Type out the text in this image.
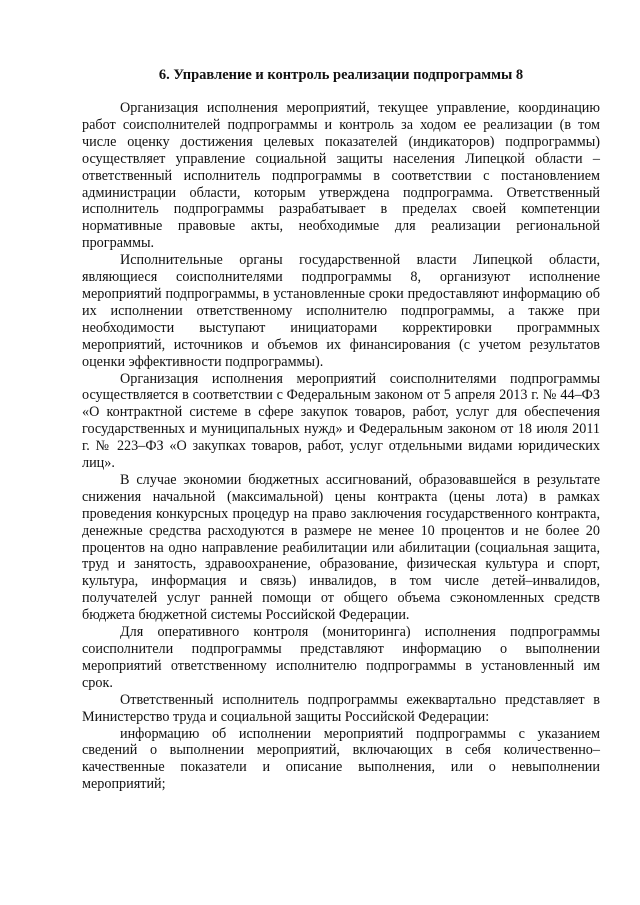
6. Управление и контроль реализации подпрограммы 8

Организация исполнения мероприятий, текущее управление, координацию работ соисполнителей подпрограммы и контроль за ходом ее реализации (в том числе оценку достижения целевых показателей (индикаторов) подпрограммы) осуществляет управление социальной защиты населения Липецкой области – ответственный исполнитель подпрограммы в соответствии с постановлением администрации области, которым утверждена подпрограмма. Ответственный исполнитель подпрограммы разрабатывает в пределах своей компетенции нормативные правовые акты, необходимые для реализации региональной программы.

Исполнительные органы государственной власти Липецкой области, являющиеся соисполнителями подпрограммы 8, организуют исполнение мероприятий подпрограммы, в установленные сроки предоставляют информацию об их исполнении ответственному исполнителю подпрограммы, а также при необходимости выступают инициаторами корректировки программных мероприятий, источников и объемов их финансирования (с учетом результатов оценки эффективности подпрограммы).

Организация исполнения мероприятий соисполнителями подпрограммы осуществляется в соответствии с Федеральным законом от 5 апреля 2013 г. № 44–ФЗ «О контрактной системе в сфере закупок товаров, работ, услуг для обеспечения государственных и муниципальных нужд» и Федеральным законом от 18 июля 2011 г. № 223–ФЗ «О закупках товаров, работ, услуг отдельными видами юридических лиц».

В случае экономии бюджетных ассигнований, образовавшейся в результате снижения начальной (максимальной) цены контракта (цены лота) в рамках проведения конкурсных процедур на право заключения государственного контракта, денежные средства расходуются в размере не менее 10 процентов и не более 20 процентов на одно направление реабилитации или абилитации (социальная защита, труд и занятость, здравоохранение, образование, физическая культура и спорт, культура, информация и связь) инвалидов, в том числе детей–инвалидов, получателей услуг ранней помощи от общего объема сэкономленных средств бюджета бюджетной системы Российской Федерации.

Для оперативного контроля (мониторинга) исполнения подпрограммы соисполнители подпрограммы представляют информацию о выполнении мероприятий ответственному исполнителю подпрограммы в установленный им срок.

Ответственный исполнитель подпрограммы ежеквартально представляет в Министерство труда и социальной защиты Российской Федерации:

информацию об исполнении мероприятий подпрограммы с указанием сведений о выполнении мероприятий, включающих в себя количественно–качественные показатели и описание выполнения, или о невыполнении мероприятий;
